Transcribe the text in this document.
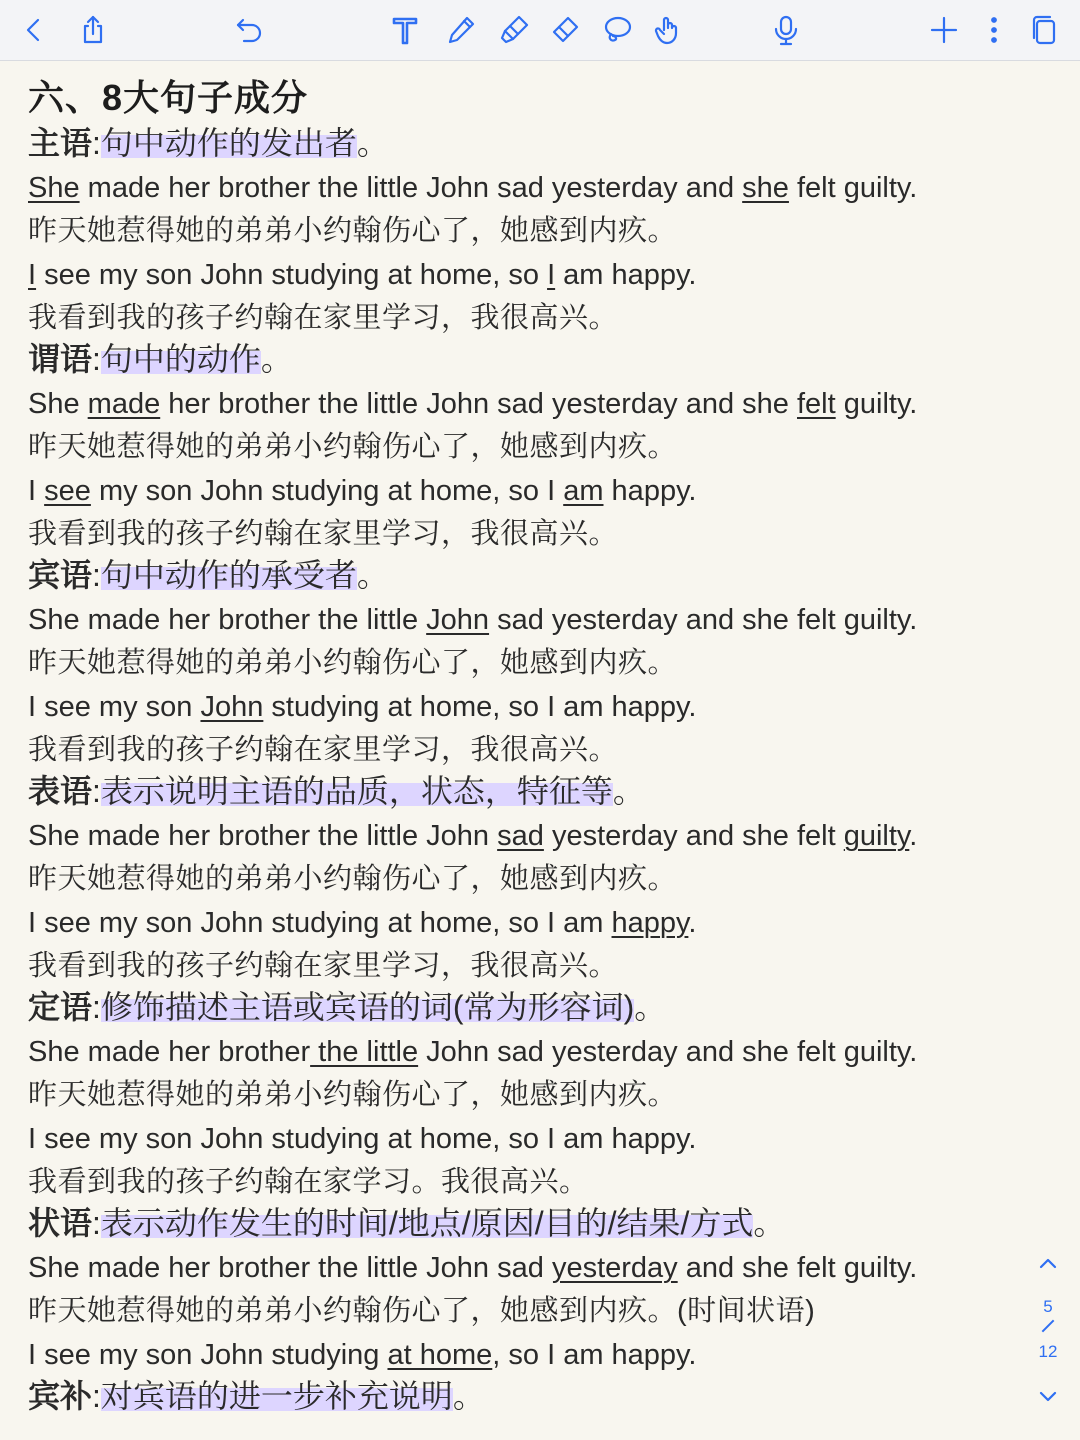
六、8大句子成分
主语:句中动作的发出者。
She made her brother the little John sad yesterday and she felt guilty.
昨天她惹得她的弟弟小约翰伤心了，她感到内疚。
I see my son John studying at home, so I am happy.
我看到我的孩子约翰在家里学习，我很高兴。
谓语:句中的动作。
She made her brother the little John sad yesterday and she felt guilty.
昨天她惹得她的弟弟小约翰伤心了，她感到内疚。
I see my son John studying at home, so I am happy.
我看到我的孩子约翰在家里学习，我很高兴。
宾语:句中动作的承受者。
She made her brother the little John sad yesterday and she felt guilty.
昨天她惹得她的弟弟小约翰伤心了，她感到内疚。
I see my son John studying at home, so I am happy.
我看到我的孩子约翰在家里学习，我很高兴。
表语:表示说明主语的品质，状态，特征等。
She made her brother the little John sad yesterday and she felt guilty.
昨天她惹得她的弟弟小约翰伤心了，她感到内疚。
I see my son John studying at home, so I am happy.
我看到我的孩子约翰在家里学习，我很高兴。
定语:修饰描述主语或宾语的词(常为形容词)。
She made her brother the little John sad yesterday and she felt guilty.
昨天她惹得她的弟弟小约翰伤心了，她感到内疚。
I see my son John studying at home, so I am happy.
我看到我的孩子约翰在家学习。我很高兴。
状语:表示动作发生的时间/地点/原因/目的/结果/方式。
She made her brother the little John sad yesterday and she felt guilty.
昨天她惹得她的弟弟小约翰伤心了，她感到内疚。(时间状语)
I see my son John studying at home, so I am happy.
宾补:对宾语的进一步补充说明。
5
12
